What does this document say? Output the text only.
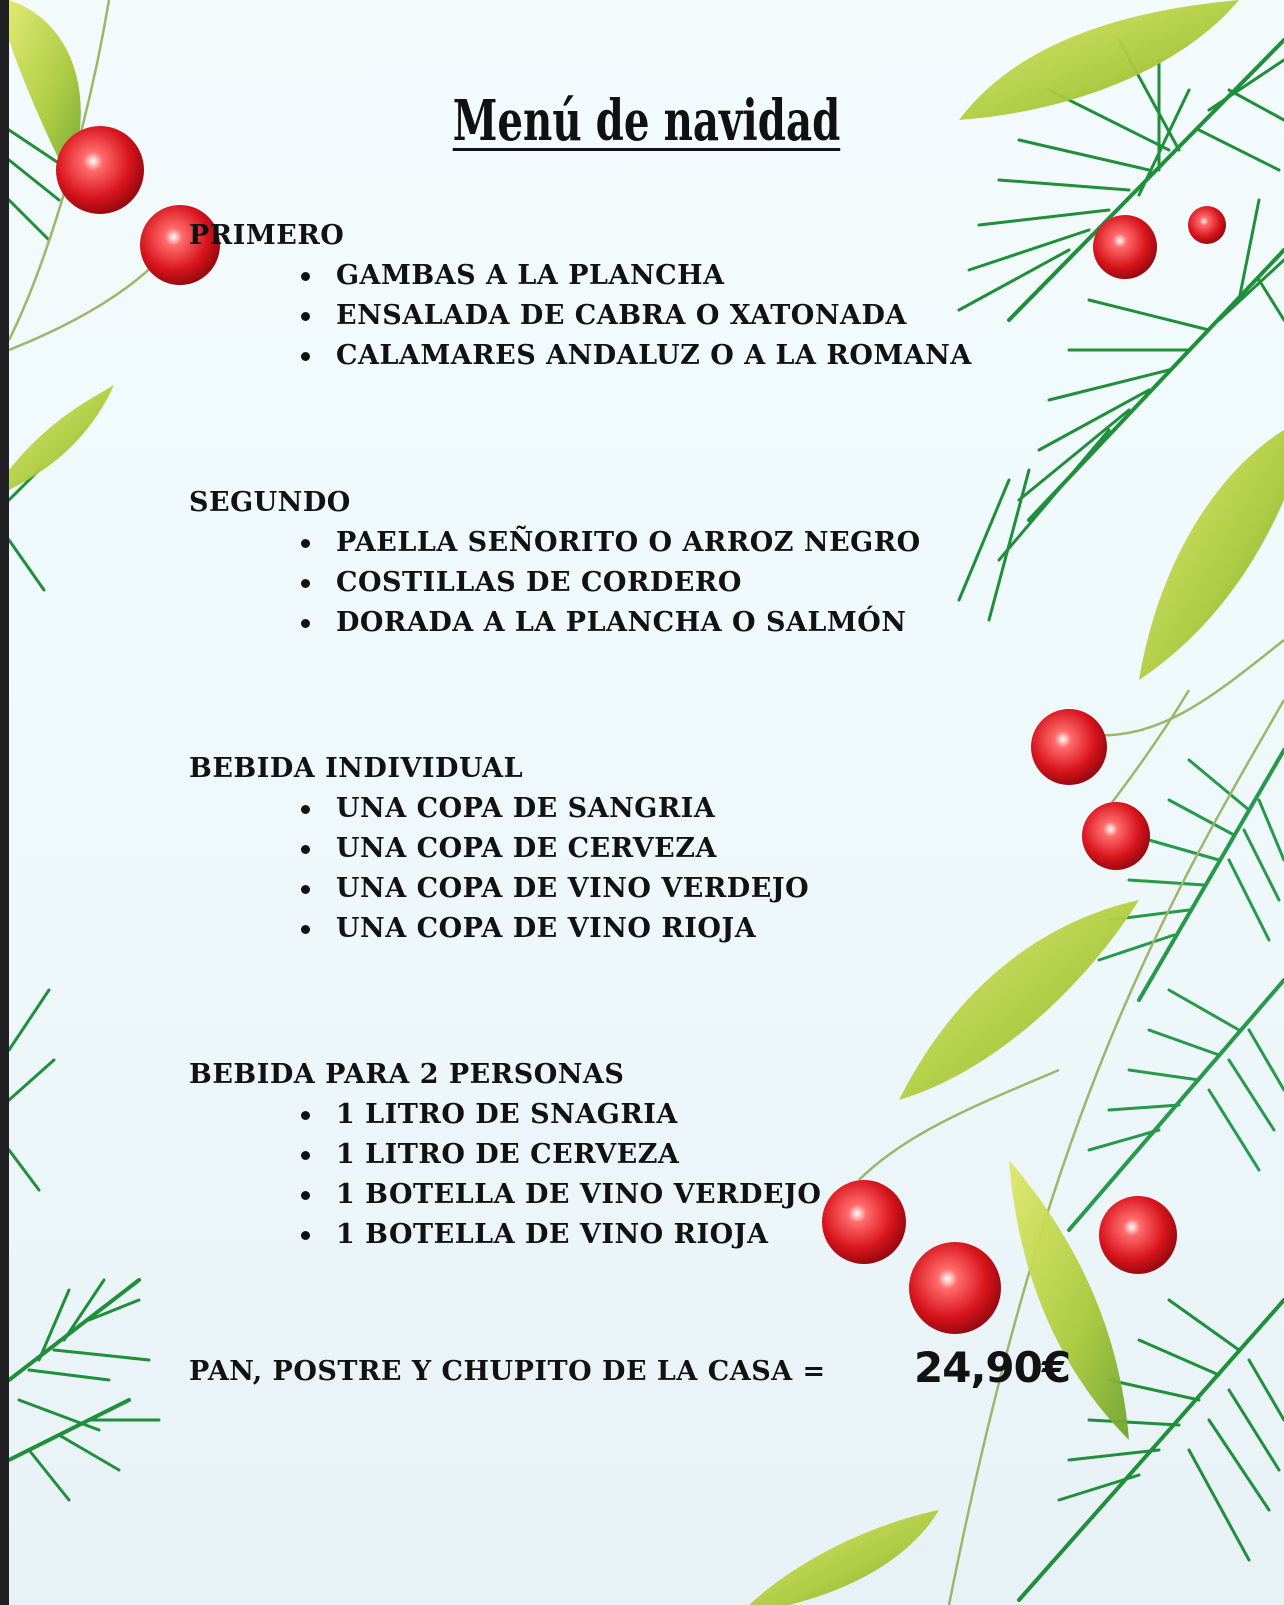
Menú de navidad

PRIMERO

GAMBAS A LA PLANCHA
ENSALADA DE CABRA O XATONADA
CALAMARES ANDALUZ O A LA ROMANA

SEGUNDO

PAELLA SEÑORITO O ARROZ NEGRO
COSTILLAS DE CORDERO
DORADA A LA PLANCHA O SALMÓN

BEBIDA INDIVIDUAL

UNA COPA DE SANGRIA
UNA COPA DE CERVEZA
UNA COPA DE VINO VERDEJO
UNA COPA DE VINO RIOJA

BEBIDA PARA 2 PERSONAS

1 LITRO DE SNAGRIA
1 LITRO DE CERVEZA
1 BOTELLA DE VINO VERDEJO
1 BOTELLA DE VINO RIOJA
PAN, POSTRE Y CHUPITO DE LA CASA = 24,90€
